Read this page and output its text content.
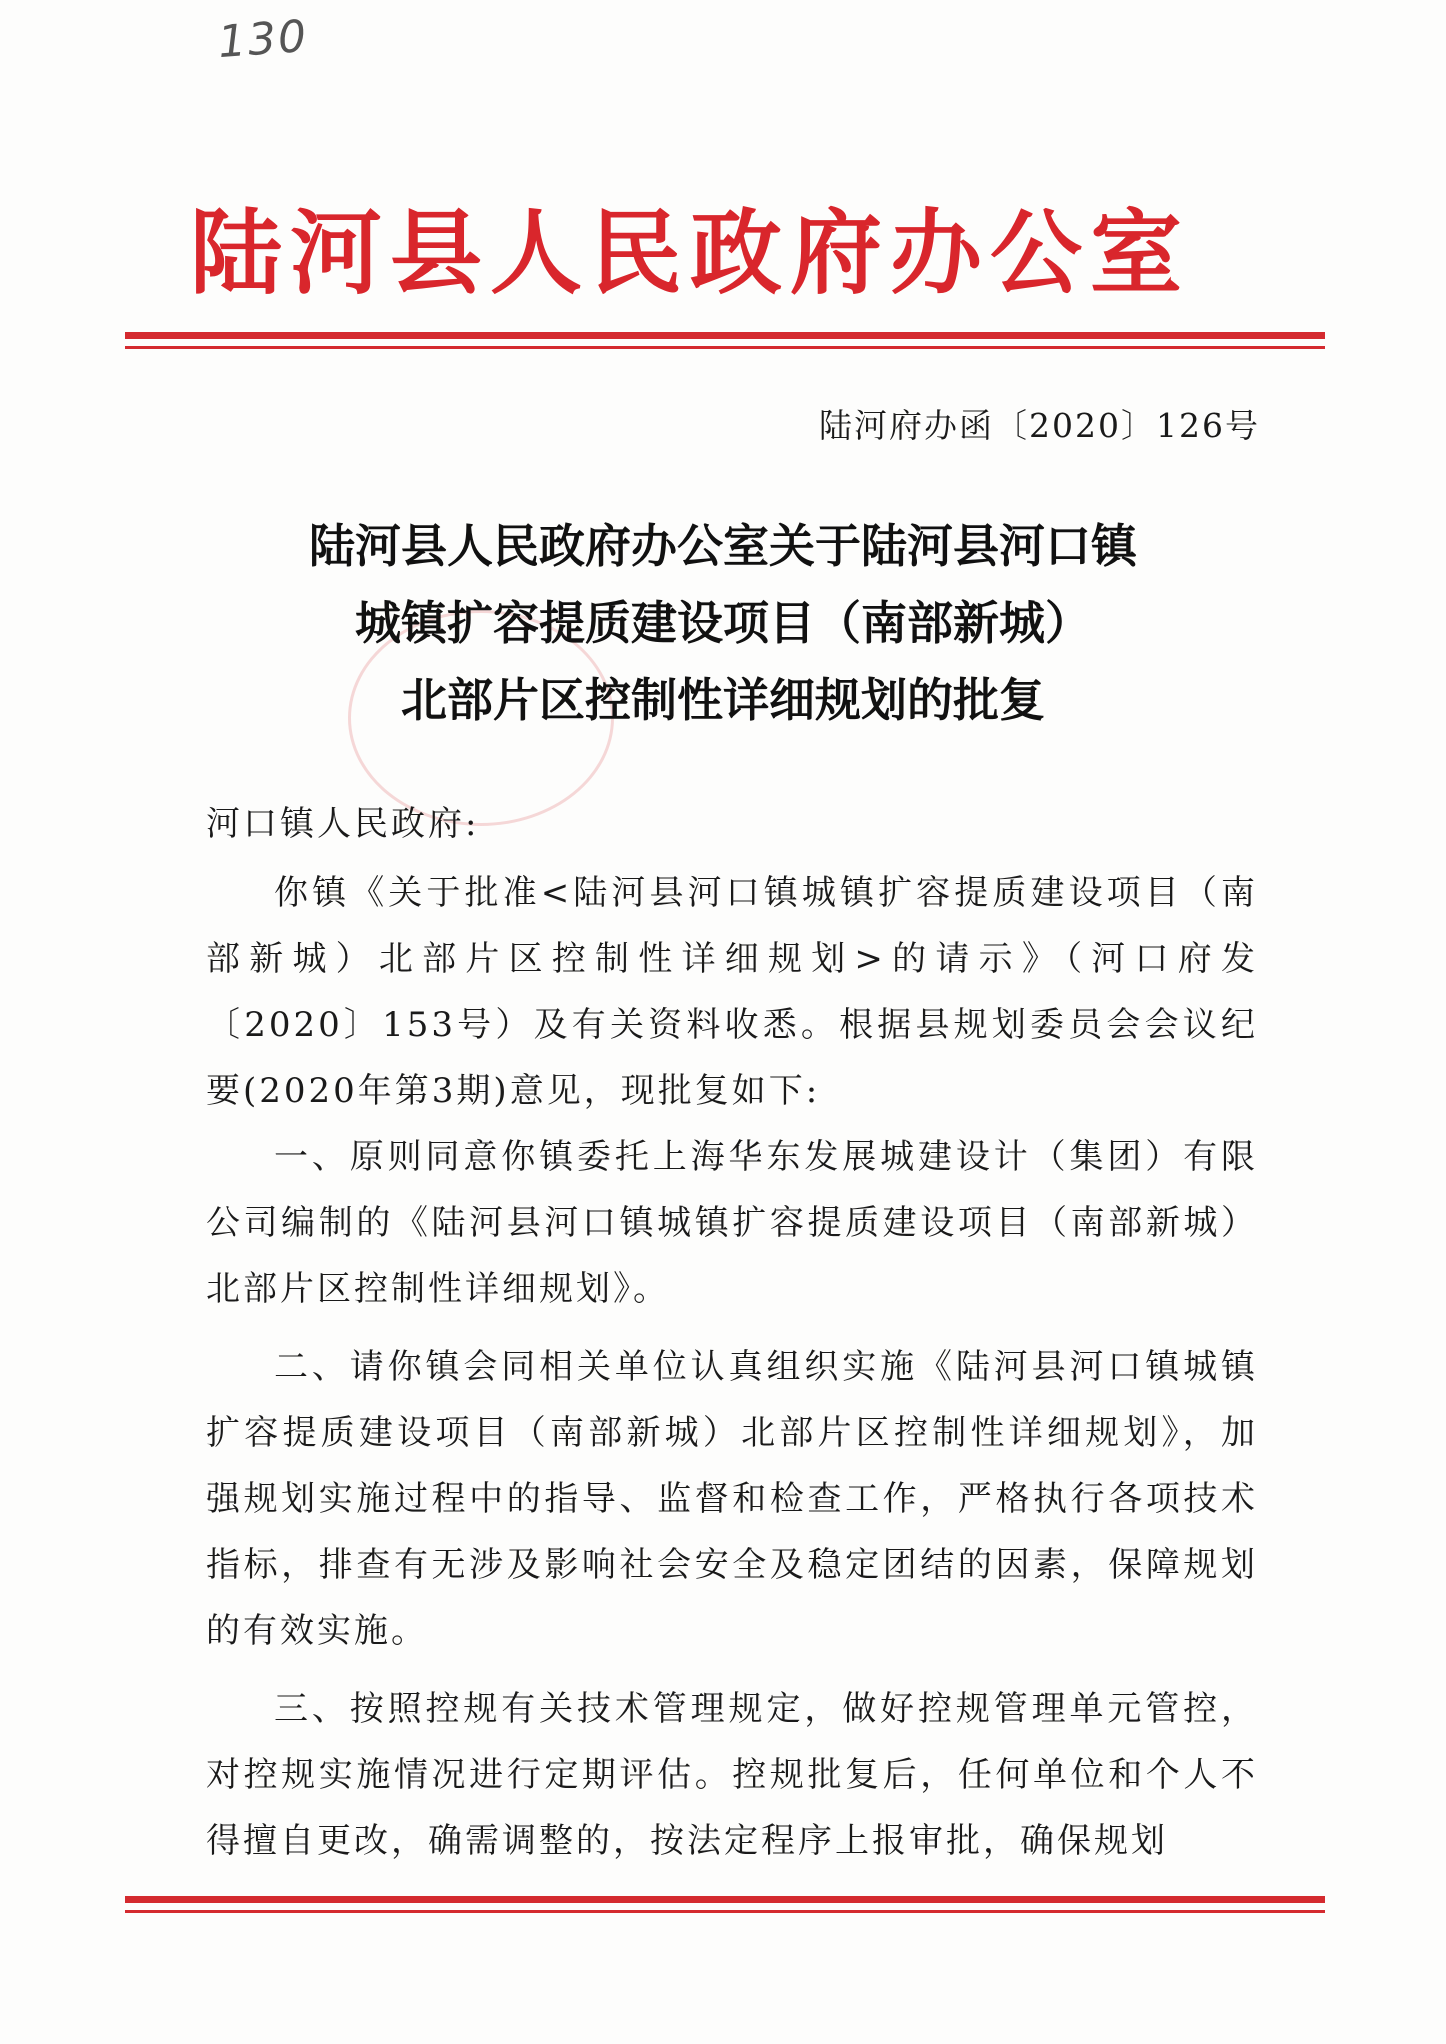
130
陆河县人民政府办公室
陆河府办函〔2020〕126号
陆河县人民政府办公室关于陆河县河口镇
城镇扩容提质建设项目（南部新城）
北部片区控制性详细规划的批复
河口镇人民政府:

你镇《关于批准<陆河县河口镇城镇扩容提质建设项目（南部新城）北部片区控制性详细规划>的请示》（河口府发〔2020〕153号）及有关资料收悉。根据县规划委员会会议纪要(2020年第3期)意见，现批复如下:

一、原则同意你镇委托上海华东发展城建设计（集团）有限公司编制的《陆河县河口镇城镇扩容提质建设项目（南部新城）北部片区控制性详细规划》。

二、请你镇会同相关单位认真组织实施《陆河县河口镇城镇扩容提质建设项目（南部新城）北部片区控制性详细规划》，加强规划实施过程中的指导、监督和检查工作，严格执行各项技术指标，排查有无涉及影响社会安全及稳定团结的因素，保障规划的有效实施。

三、按照控规有关技术管理规定，做好控规管理单元管控，对控规实施情况进行定期评估。控规批复后，任何单位和个人不得擅自更改，确需调整的，按法定程序上报审批，确保规划
